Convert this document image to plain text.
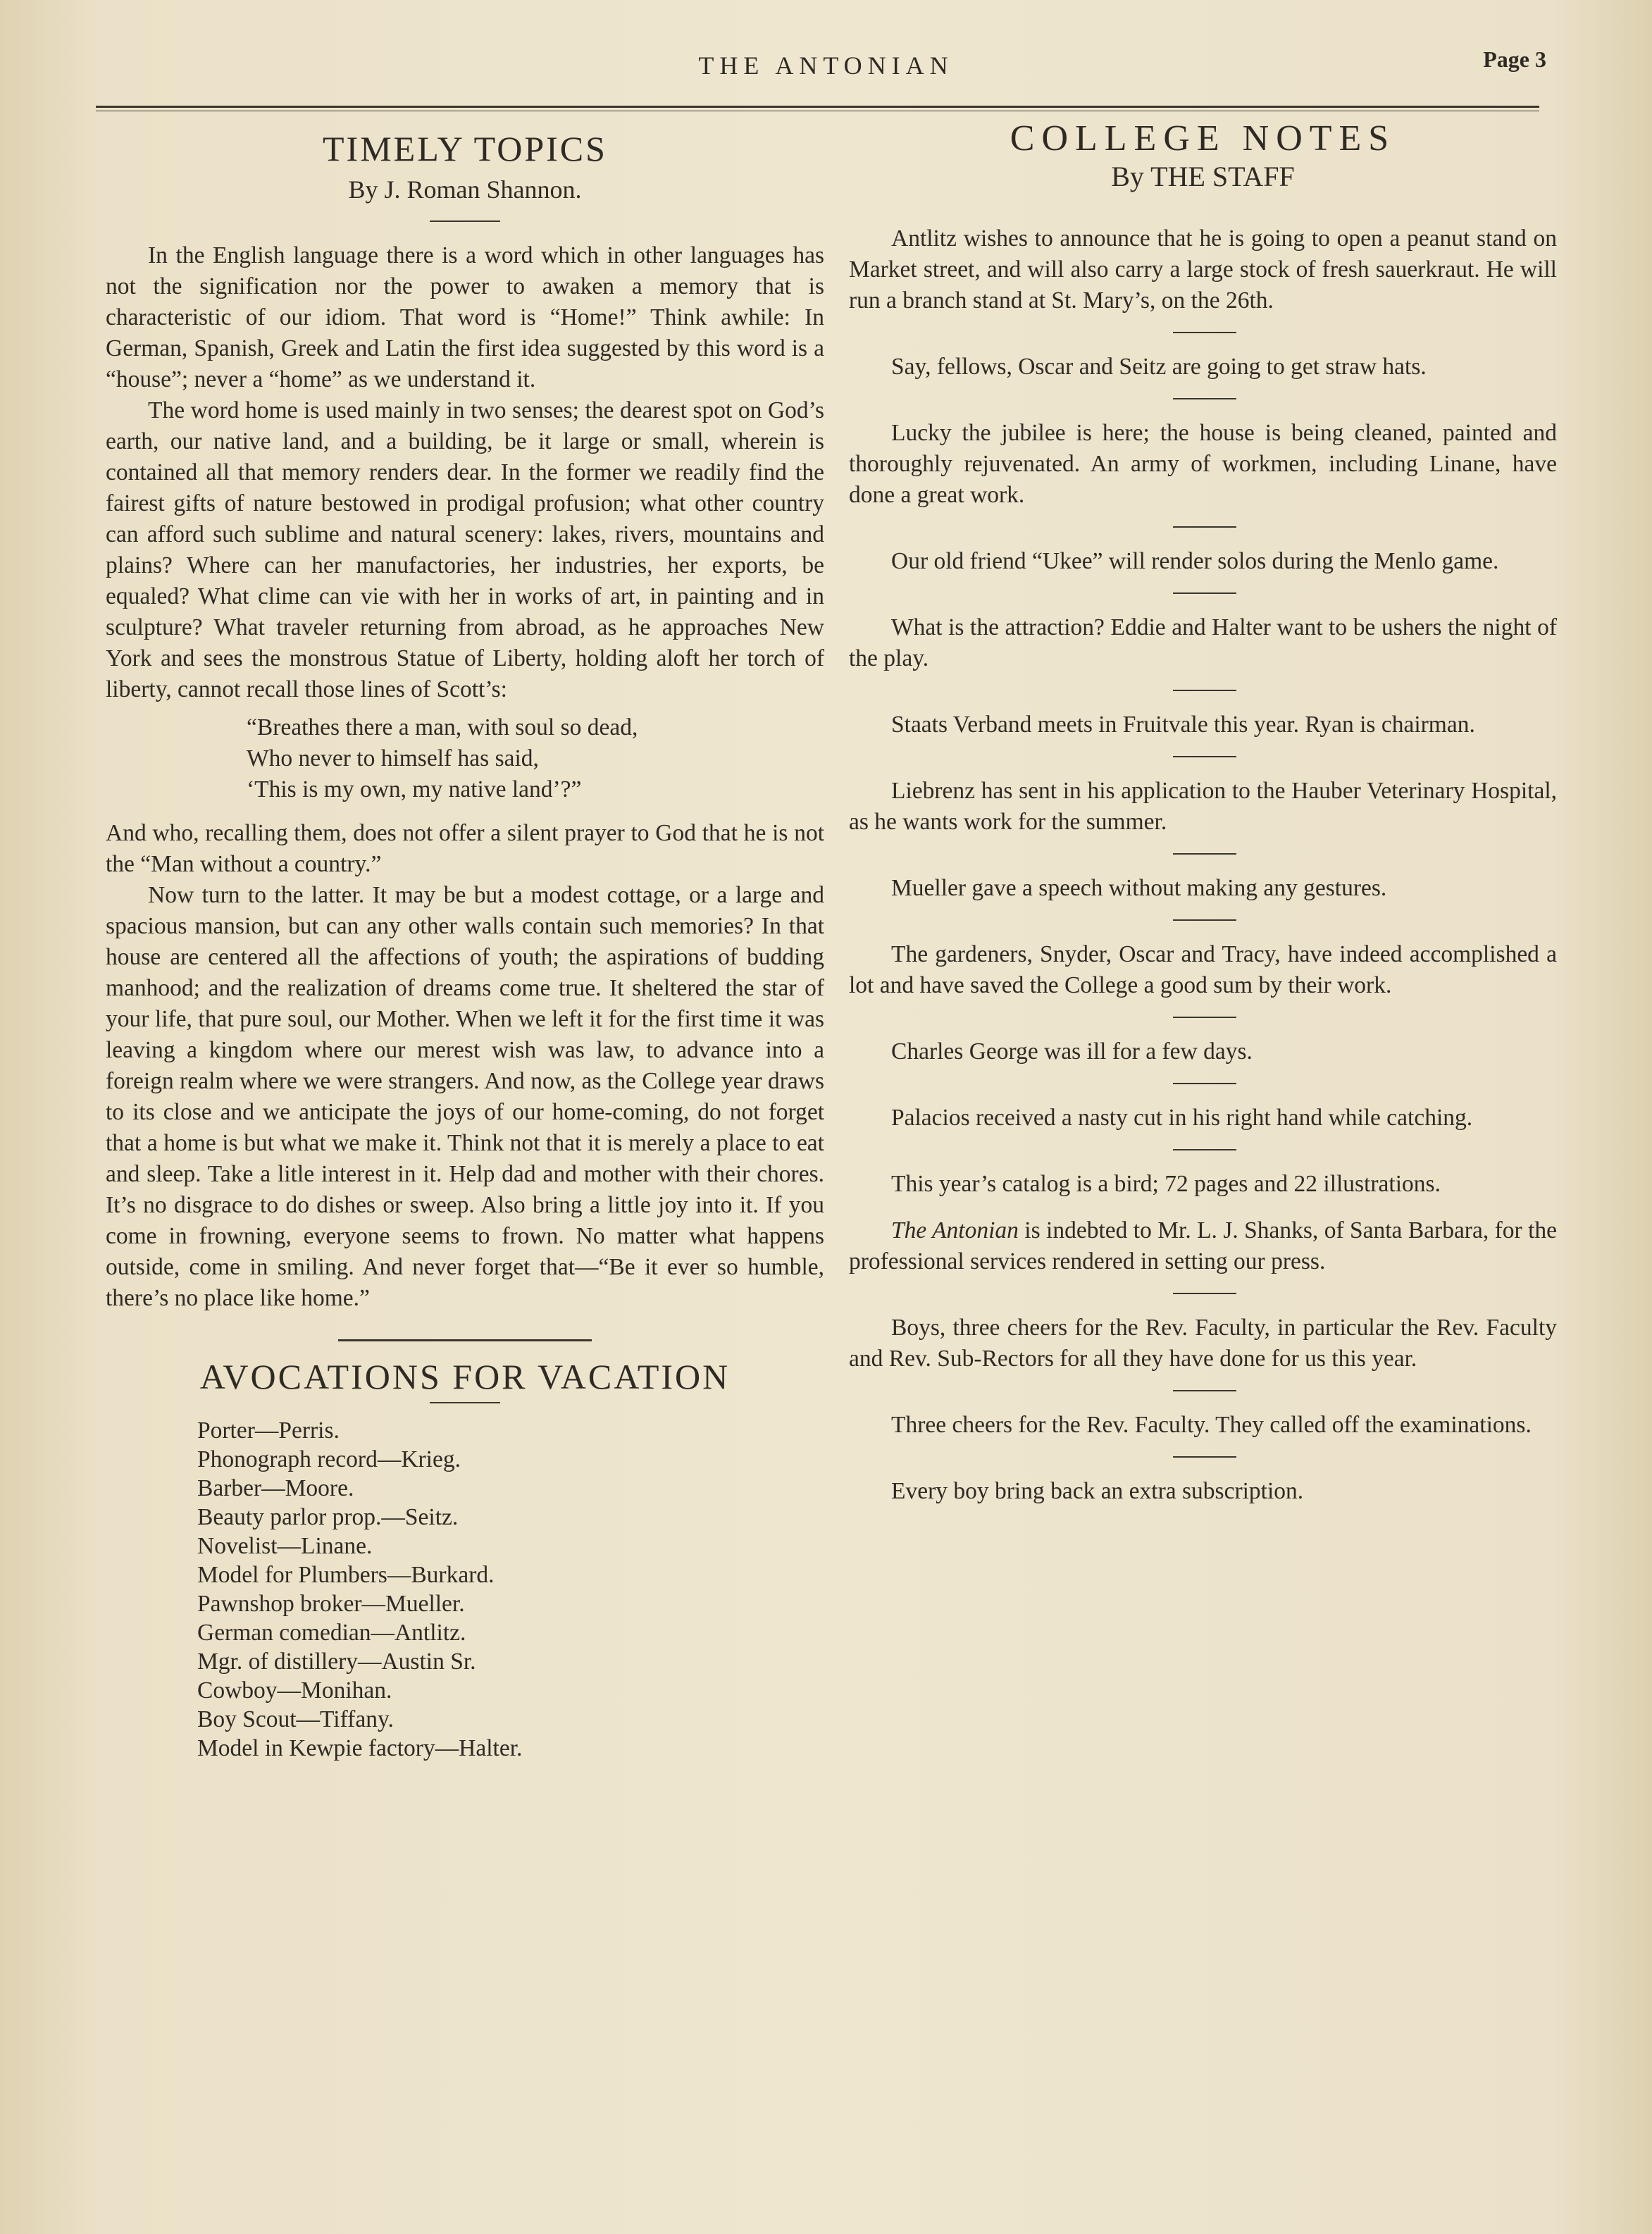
THE ANTONIAN	Page 3
TIMELY TOPICS
By J. Roman Shannon.

In the English language there is a word which in other languages has not the signification nor the power to awaken a memory that is characteristic of our idiom. That word is “Home!” Think awhile: In German, Spanish, Greek and Latin the first idea suggested by this word is a “house”; never a “home” as we understand it.

The word home is used mainly in two senses; the dearest spot on God’s earth, our native land, and a building, be it large or small, wherein is contained all that memory renders dear. In the former we readily find the fairest gifts of nature bestowed in prodigal profusion; what other country can afford such sublime and natural scenery: lakes, rivers, mountains and plains? Where can her manufactories, her industries, her exports, be equaled? What clime can vie with her in works of art, in painting and in sculpture? What traveler returning from abroad, as he approaches New York and sees the monstrous Statue of Liberty, holding aloft her torch of liberty, cannot recall those lines of Scott’s:

“Breathes there a man, with soul so dead,
Who never to himself has said,
‘This is my own, my native land’?”

And who, recalling them, does not offer a silent prayer to God that he is not the “Man without a country.”

Now turn to the latter. It may be but a modest cottage, or a large and spacious mansion, but can any other walls contain such memories? In that house are centered all the affections of youth; the aspirations of budding manhood; and the realization of dreams come true. It sheltered the star of your life, that pure soul, our Mother. When we left it for the first time it was leaving a kingdom where our merest wish was law, to advance into a foreign realm where we were strangers. And now, as the College year draws to its close and we anticipate the joys of our home-coming, do not forget that a home is but what we make it. Think not that it is merely a place to eat and sleep. Take a litle interest in it. Help dad and mother with their chores. It’s no disgrace to do dishes or sweep. Also bring a little joy into it. If you come in frowning, everyone seems to frown. No matter what happens outside, come in smiling. And never forget that—“Be it ever so humble, there’s no place like home.”

AVOCATIONS FOR VACATION
Porter—Perris.
Phonograph record—Krieg.
Barber—Moore.
Beauty parlor prop.—Seitz.
Novelist—Linane.
Model for Plumbers—Burkard.
Pawnshop broker—Mueller.
German comedian—Antlitz.
Mgr. of distillery—Austin Sr.
Cowboy—Monihan.
Boy Scout—Tiffany.
Model in Kewpie factory—Halter.
COLLEGE NOTES
By THE STAFF
Antlitz wishes to announce that he is going to open a peanut stand on Market street, and will also carry a large stock of fresh sauerkraut. He will run a branch stand at St. Mary’s, on the 26th.
Say, fellows, Oscar and Seitz are going to get straw hats.
Lucky the jubilee is here; the house is being cleaned, painted and thoroughly rejuvenated. An army of workmen, including Linane, have done a great work.
Our old friend “Ukee” will render solos during the Menlo game.
What is the attraction? Eddie and Halter want to be ushers the night of the play.
Staats Verband meets in Fruitvale this year. Ryan is chairman.
Liebrenz has sent in his application to the Hauber Veterinary Hospital, as he wants work for the summer.
Mueller gave a speech without making any gestures.
The gardeners, Snyder, Oscar and Tracy, have indeed accomplished a lot and have saved the College a good sum by their work.
Charles George was ill for a few days.
Palacios received a nasty cut in his right hand while catching.
This year’s catalog is a bird; 72 pages and 22 illustrations.
The Antonian is indebted to Mr. L. J. Shanks, of Santa Barbara, for the professional services rendered in setting our press.
Boys, three cheers for the Rev. Faculty, in particular the Rev. Faculty and Rev. Sub-Rectors for all they have done for us this year.
Three cheers for the Rev. Faculty. They called off the examinations.
Every boy bring back an extra subscription.
